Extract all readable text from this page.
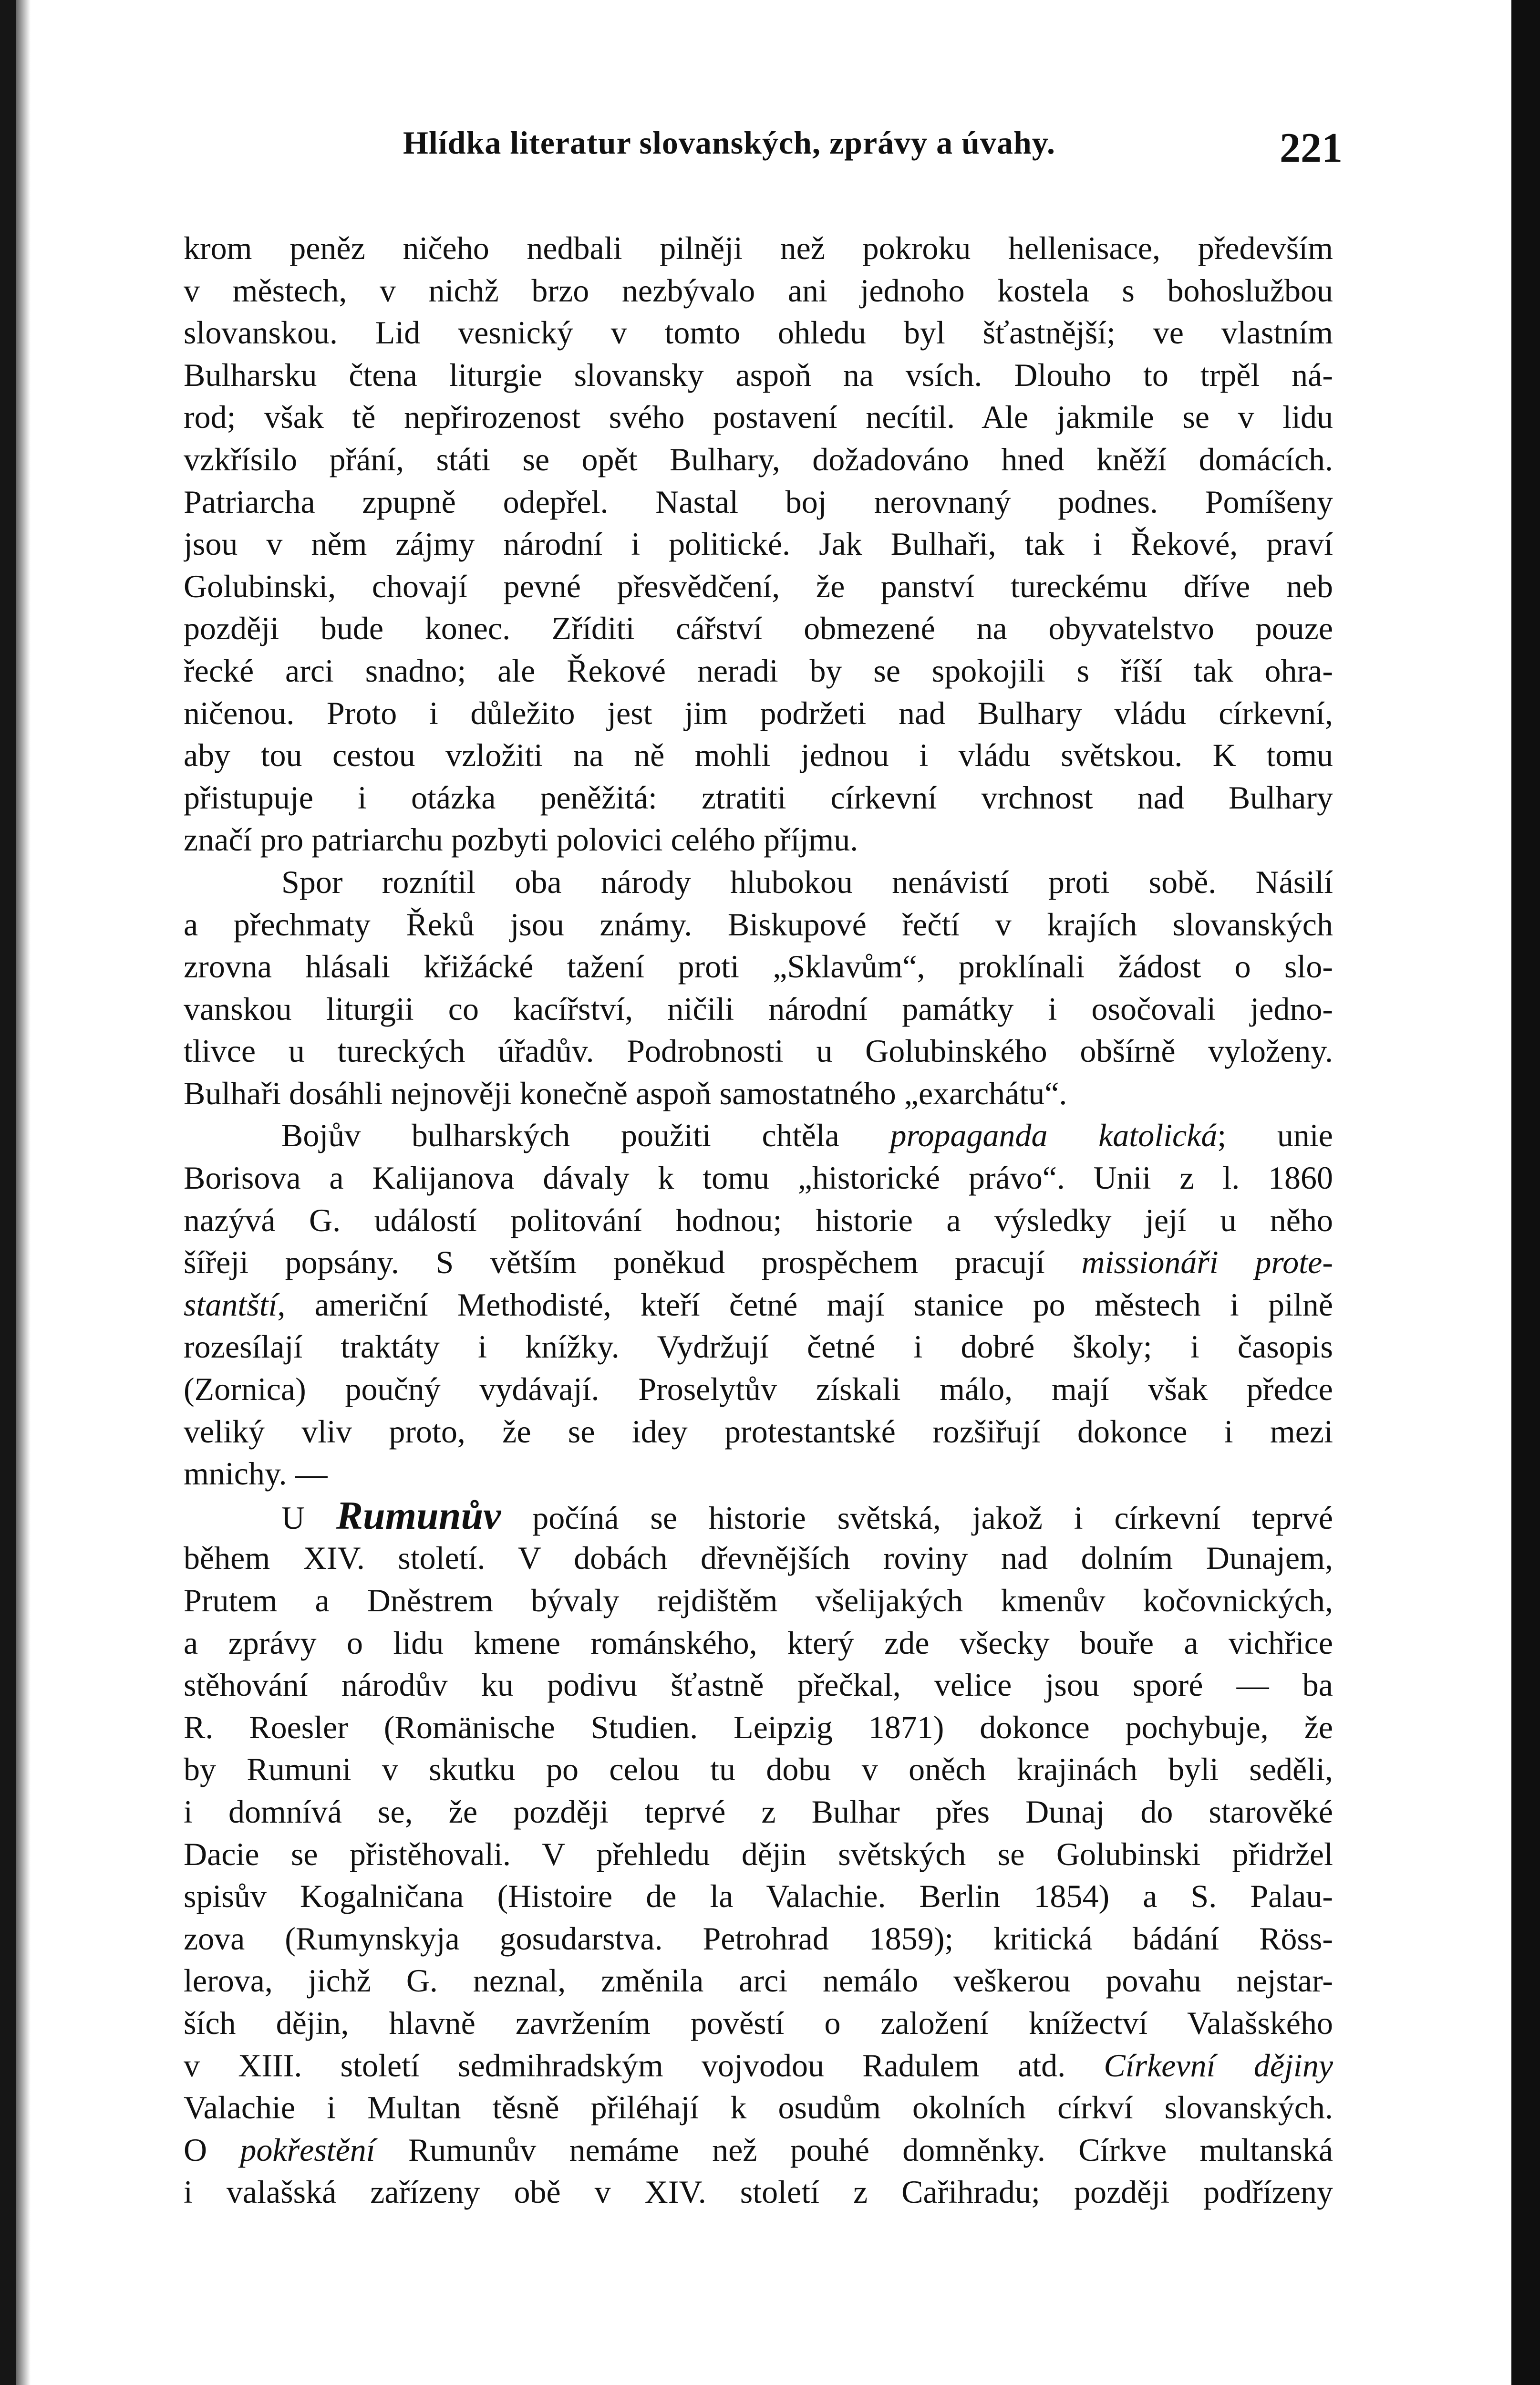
Hlídka literatur slovanských, zprávy a úvahy.	221
krom peněz ničeho nedbali pilněji než pokroku hellenisace, především
v městech, v nichž brzo nezbývalo ani jednoho kostela s bohoslužbou
slovanskou. Lid vesnický v tomto ohledu byl šťastnější; ve vlastním
Bulharsku čtena liturgie slovansky aspoň na vsích. Dlouho to trpěl ná-
rod; však tě nepřirozenost svého postavení necítil. Ale jakmile se v lidu
vzkřísilo přání, státi se opět Bulhary, dožadováno hned kněží domácích.
Patriarcha zpupně odepřel. Nastal boj nerovnaný podnes. Pomíšeny
jsou v něm zájmy národní i politické. Jak Bulhaři, tak i Řekové, praví
Golubinski, chovají pevné přesvědčení, že panství tureckému dříve neb
později bude konec. Zříditi cářství obmezené na obyvatelstvo pouze
řecké arci snadno; ale Řekové neradi by se spokojili s říší tak ohra-
ničenou. Proto i důležito jest jim podržeti nad Bulhary vládu církevní,
aby tou cestou vzložiti na ně mohli jednou i vládu světskou. K tomu
přistupuje i otázka peněžitá: ztratiti církevní vrchnost nad Bulhary
značí pro patriarchu pozbyti polovici celého příjmu.
Spor roznítil oba národy hlubokou nenávistí proti sobě. Násilí
a přechmaty Řeků jsou známy. Biskupové řečtí v krajích slovanských
zrovna hlásali křižácké tažení proti „Sklavům“, proklínali žádost o slo-
vanskou liturgii co kacířství, ničili národní památky i osočovali jedno-
tlivce u tureckých úřadův. Podrobnosti u Golubinského obšírně vyloženy.
Bulhaři dosáhli nejnověji konečně aspoň samostatného „exarchátu“.
Bojův bulharských použiti chtěla propaganda katolická; unie
Borisova a Kalijanova dávaly k tomu „historické právo“. Unii z l. 1860
nazývá G. událostí politování hodnou; historie a výsledky její u něho
šířeji popsány. S větším poněkud prospěchem pracují missionáři prote-
stantští, američní Methodisté, kteří četné mají stanice po městech i pilně
rozesílají traktáty i knížky. Vydržují četné i dobré školy; i časopis
(Zornica) poučný vydávají. Proselytův získali málo, mají však předce
veliký vliv proto, že se idey protestantské rozšiřují dokonce i mezi
mnichy. —
U Rumunův počíná se historie světská, jakož i církevní teprvé
během XIV. století. V dobách dřevnějších roviny nad dolním Dunajem,
Prutem a Dněstrem bývaly rejdištěm všelijakých kmenův kočovnických,
a zprávy o lidu kmene románského, který zde všecky bouře a vichřice
stěhování národův ku podivu šťastně přečkal, velice jsou sporé — ba
R. Roesler (Romänische Studien. Leipzig 1871) dokonce pochybuje, že
by Rumuni v skutku po celou tu dobu v oněch krajinách byli seděli,
i domnívá se, že později teprvé z Bulhar přes Dunaj do starověké
Dacie se přistěhovali. V přehledu dějin světských se Golubinski přidržel
spisův Kogalničana (Histoire de la Valachie. Berlin 1854) a S. Palau-
zova (Rumynskyja gosudarstva. Petrohrad 1859); kritická bádání Röss-
lerova, jichž G. neznal, změnila arci nemálo veškerou povahu nejstar-
ších dějin, hlavně zavržením pověstí o založení knížectví Valašského
v XIII. století sedmihradským vojvodou Radulem atd. Církevní dějiny
Valachie i Multan těsně přiléhají k osudům okolních církví slovanských.
O pokřestění Rumunův nemáme než pouhé domněnky. Církve multanská
i valašská zařízeny obě v XIV. století z Cařihradu; později podřízeny
